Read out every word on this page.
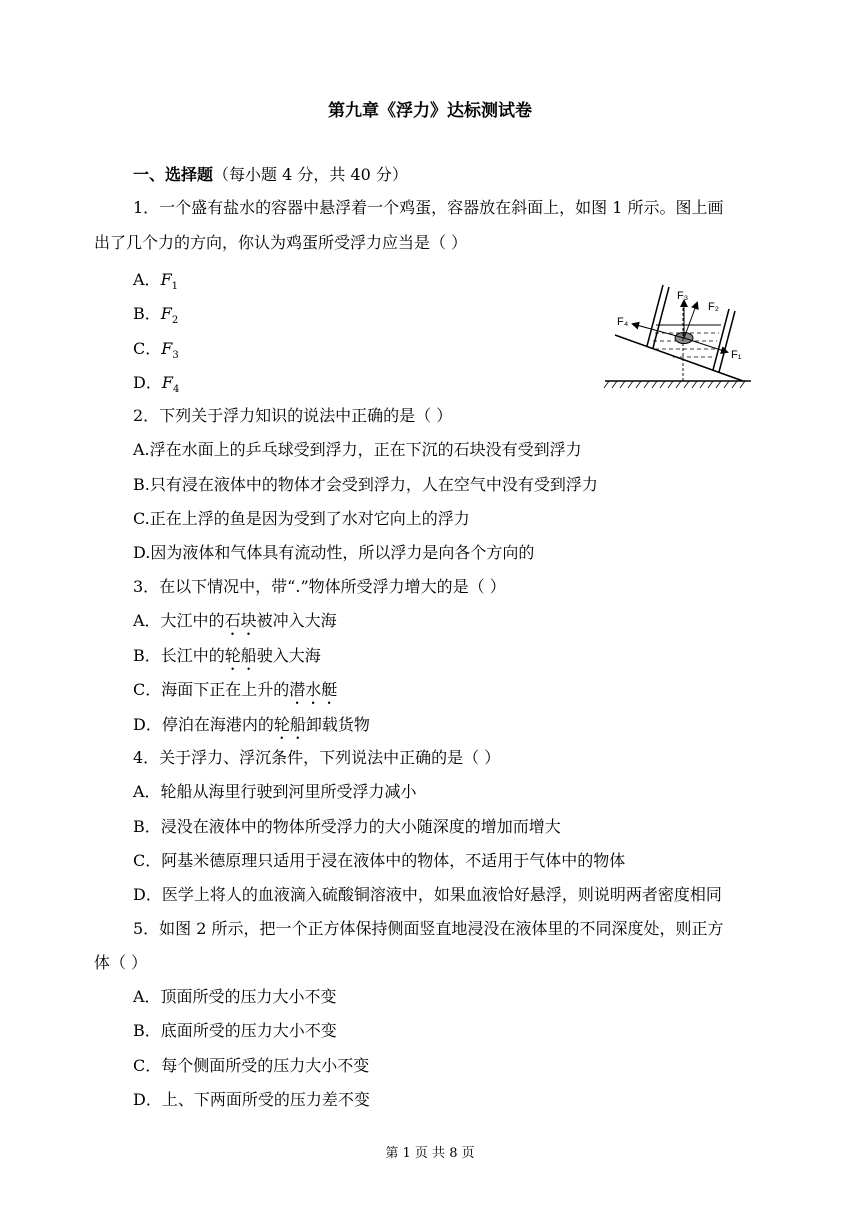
第九章《浮力》达标测试卷
一、选择题（每小题 4 分，共 40 分）
1．一个盛有盐水的容器中悬浮着一个鸡蛋，容器放在斜面上，如图 1 所示。图上画
出了几个力的方向，你认为鸡蛋所受浮力应当是（ ）
A．$F_1$
B．$F_2$
C．$F_3$
D．$F_4$
F₃
F₂
F₁
F₄
2．下列关于浮力知识的说法中正确的是（ ）
A.浮在水面上的乒乓球受到浮力，正在下沉的石块没有受到浮力
B.只有浸在液体中的物体才会受到浮力，人在空气中没有受到浮力
C.正在上浮的鱼是因为受到了水对它向上的浮力
D.因为液体和气体具有流动性，所以浮力是向各个方向的
3．在以下情况中，带“.”物体所受浮力增大的是（ ）
A．大江中的石块被冲入大海
B．长江中的轮船驶入大海
C．海面下正在上升的潜水艇
D．停泊在海港内的轮船卸载货物
4．关于浮力、浮沉条件，下列说法中正确的是（ ）
A．轮船从海里行驶到河里所受浮力减小
B．浸没在液体中的物体所受浮力的大小随深度的增加而增大
C．阿基米德原理只适用于浸在液体中的物体，不适用于气体中的物体
D．医学上将人的血液滴入硫酸铜溶液中，如果血液恰好悬浮，则说明两者密度相同
5．如图 2 所示，把一个正方体保持侧面竖直地浸没在液体里的不同深度处，则正方
体（ ）
A．顶面所受的压力大小不变
B．底面所受的压力大小不变
C．每个侧面所受的压力大小不变
D．上、下两面所受的压力差不变
第 1 页 共 8 页
